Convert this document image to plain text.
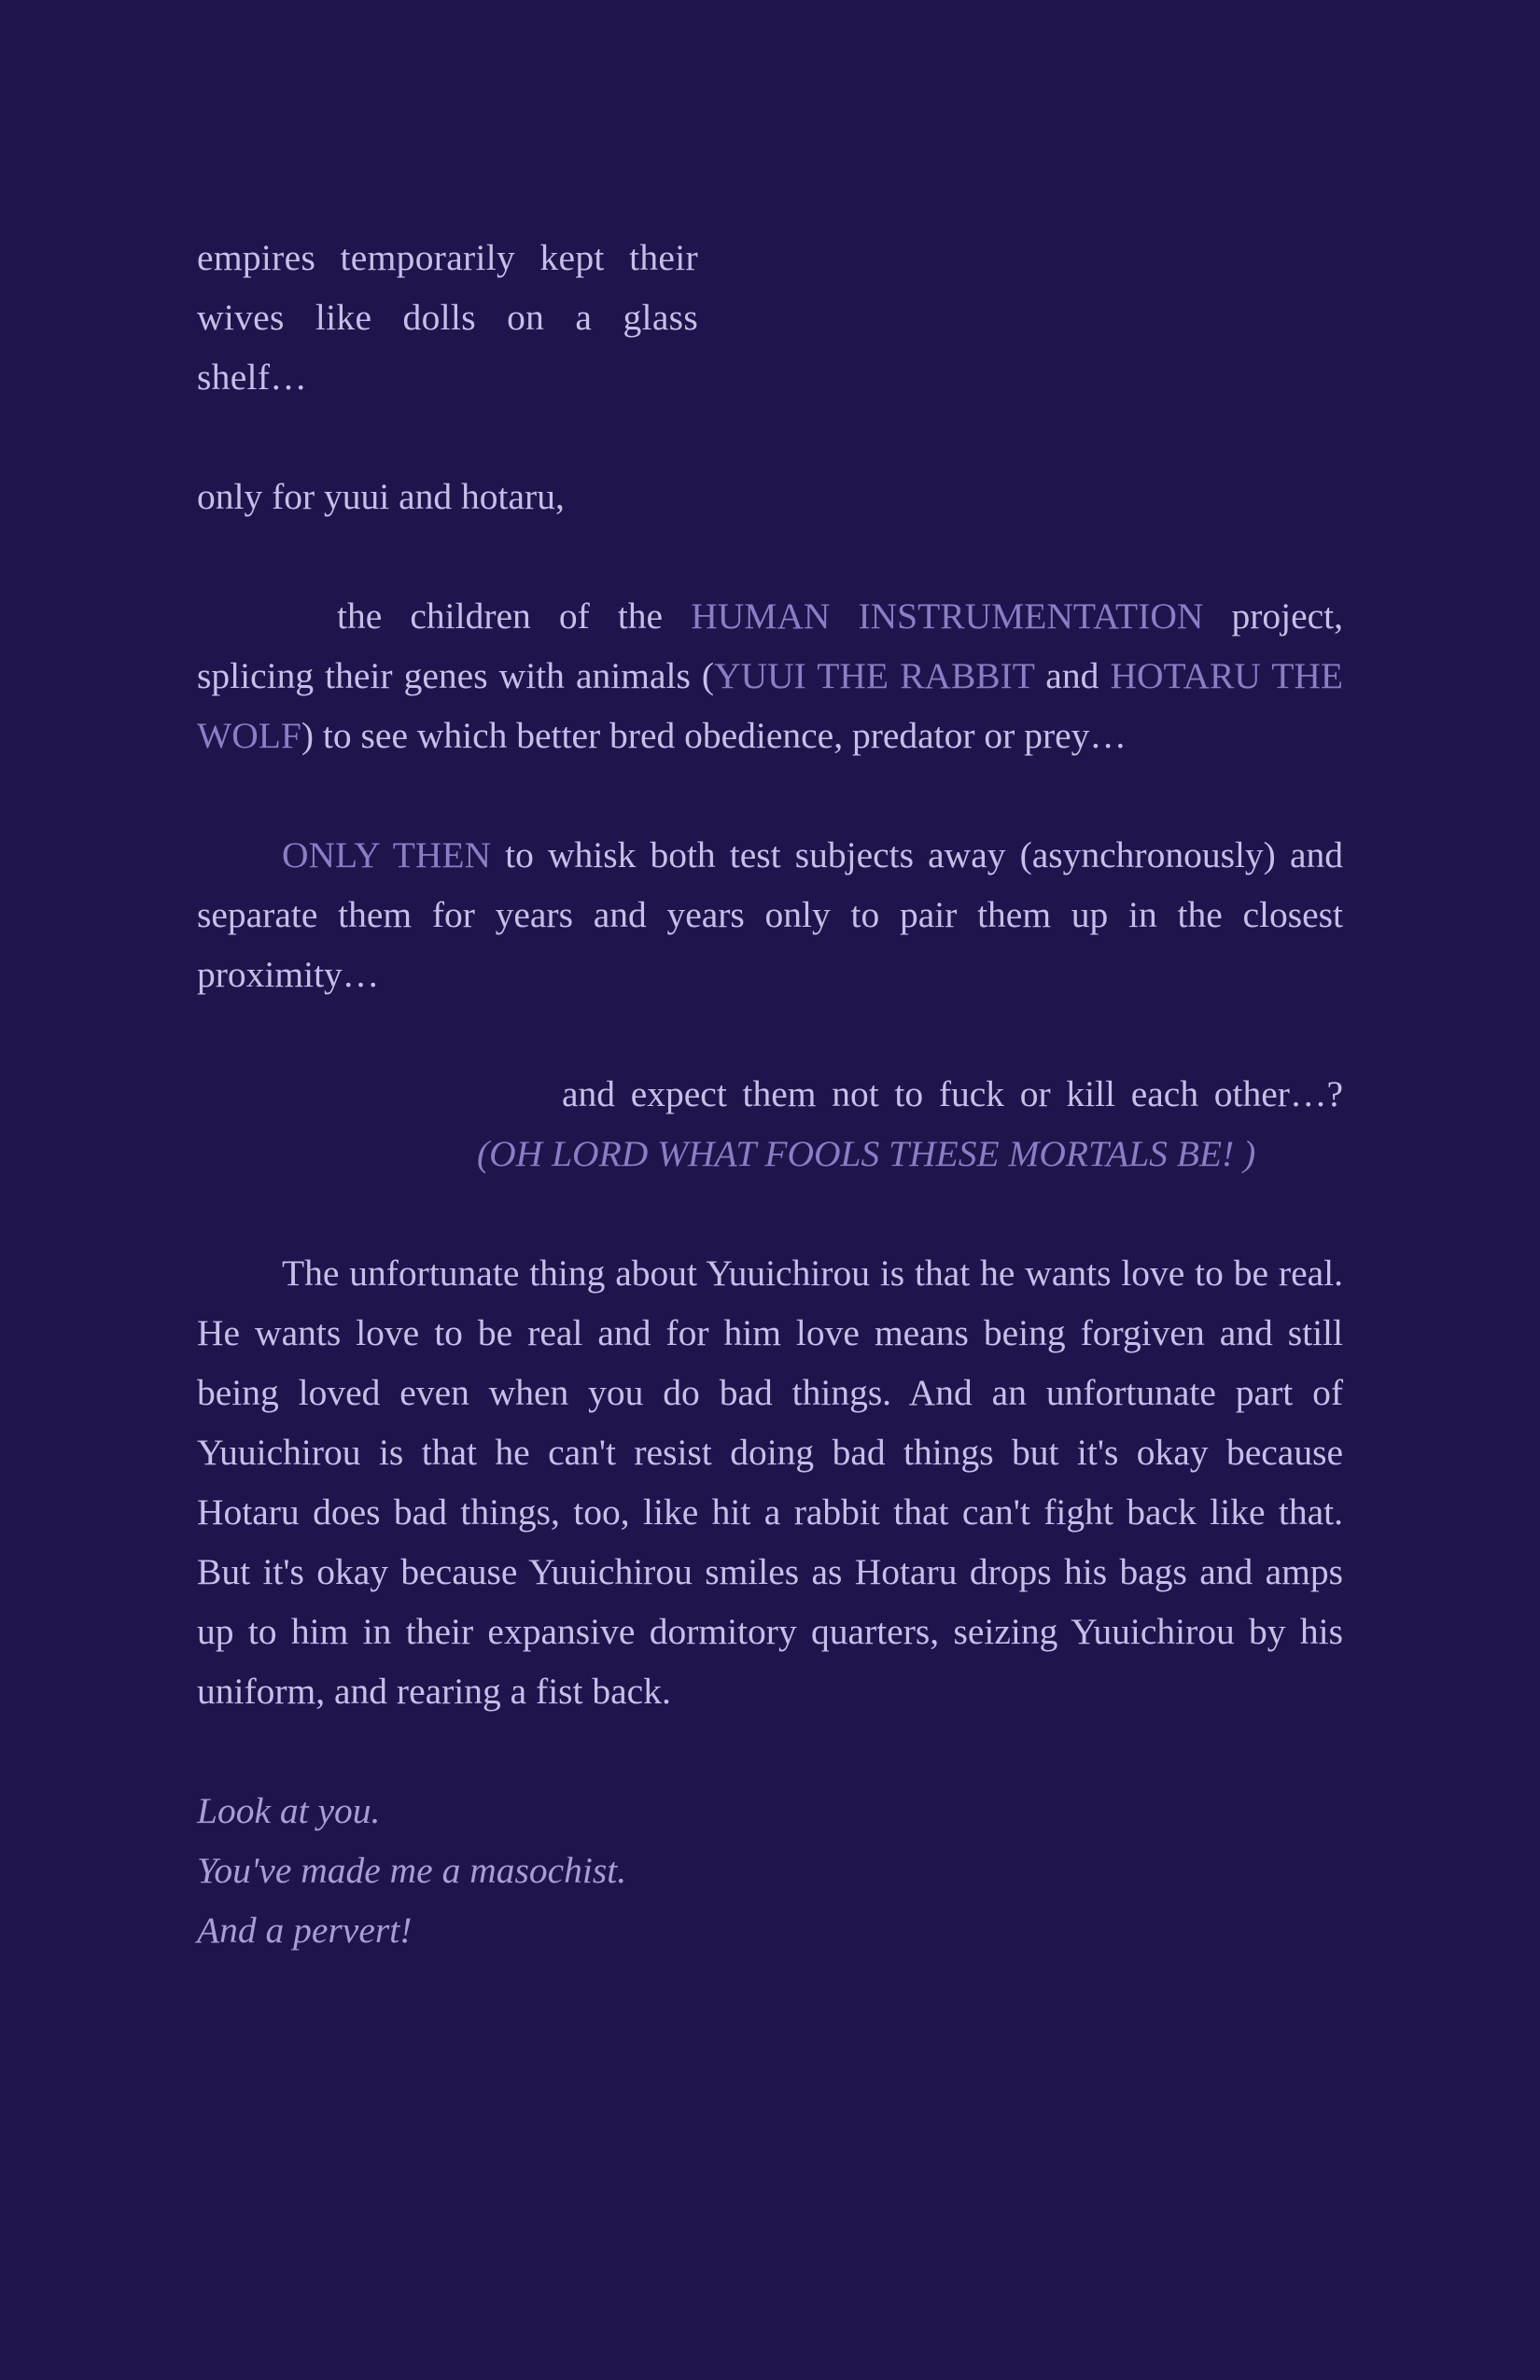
empires temporarily kept their wives like dolls on a glass shelf…

only for yuui and hotaru,

the children of the HUMAN INSTRUMENTATION project, splicing their genes with animals (YUUI THE RABBIT and HOTARU THE WOLF) to see which better bred obedience, predator or prey…

ONLY THEN to whisk both test subjects away (asynchronously) and separate them for years and years only to pair them up in the closest proximity…

and expect them not to fuck or kill each other…? (OH LORD WHAT FOOLS THESE MORTALS BE! )

The unfortunate thing about Yuuichirou is that he wants love to be real. He wants love to be real and for him love means being forgiven and still being loved even when you do bad things. And an unfortunate part of Yuuichirou is that he can't resist doing bad things but it's okay because Hotaru does bad things, too, like hit a rabbit that can't fight back like that. But it's okay because Yuuichirou smiles as Hotaru drops his bags and amps up to him in their expansive dormitory quarters, seizing Yuuichirou by his uniform, and rearing a fist back.

Look at you.

You've made me a masochist.

And a pervert!
